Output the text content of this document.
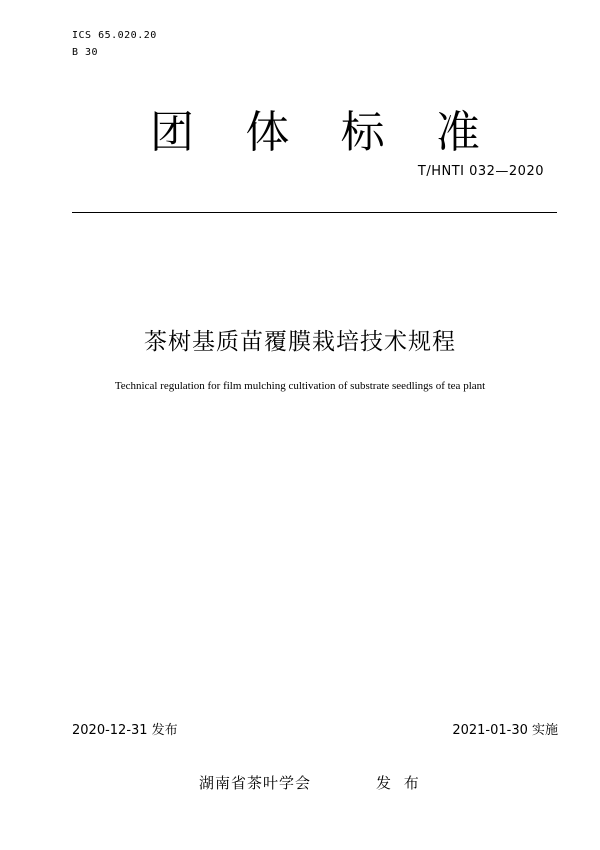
ICS 65.020.20
B 30
团 体 标 准
T/HNTI 032—2020
茶树基质苗覆膜栽培技术规程
Technical regulation for film mulching cultivation of substrate seedlings of tea plant
2020-12-31 发布	2021-01-30 实施
湖南省茶叶学会	发 布
